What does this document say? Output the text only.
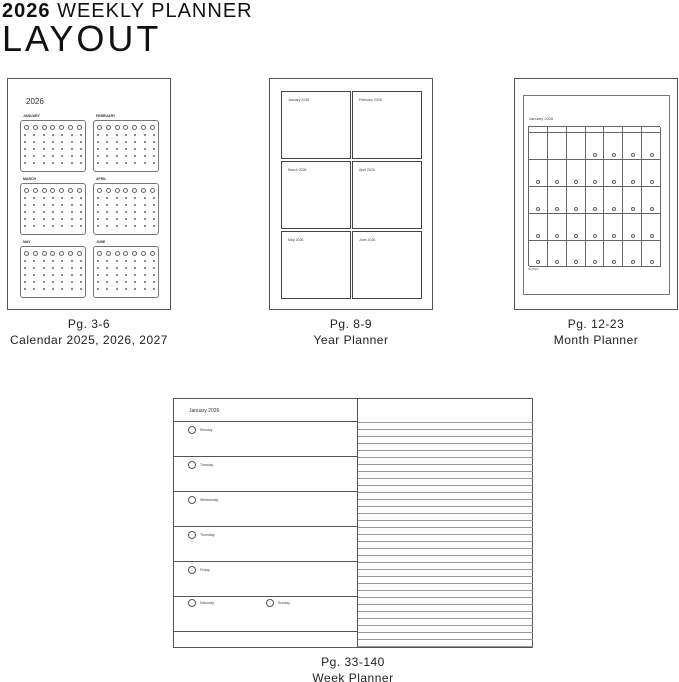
2026 WEEKLY PLANNER
LAYOUT
2026
JANUARY	FEBRUARY
MARCH	APRIL
MAY	JUNE
Pg. 3-6
Calendar 2025, 2026, 2027
January 2026	February 2026
March 2026	April 2026
May 2026	June 2026
Pg. 8-9
Year Planner
January 2026
NOTES
Pg. 12-23
Month Planner
January 2026
Monday
Tuesday
Wednesday
Thursday
Friday
Saturday	Sunday
Pg. 33-140
Week Planner
